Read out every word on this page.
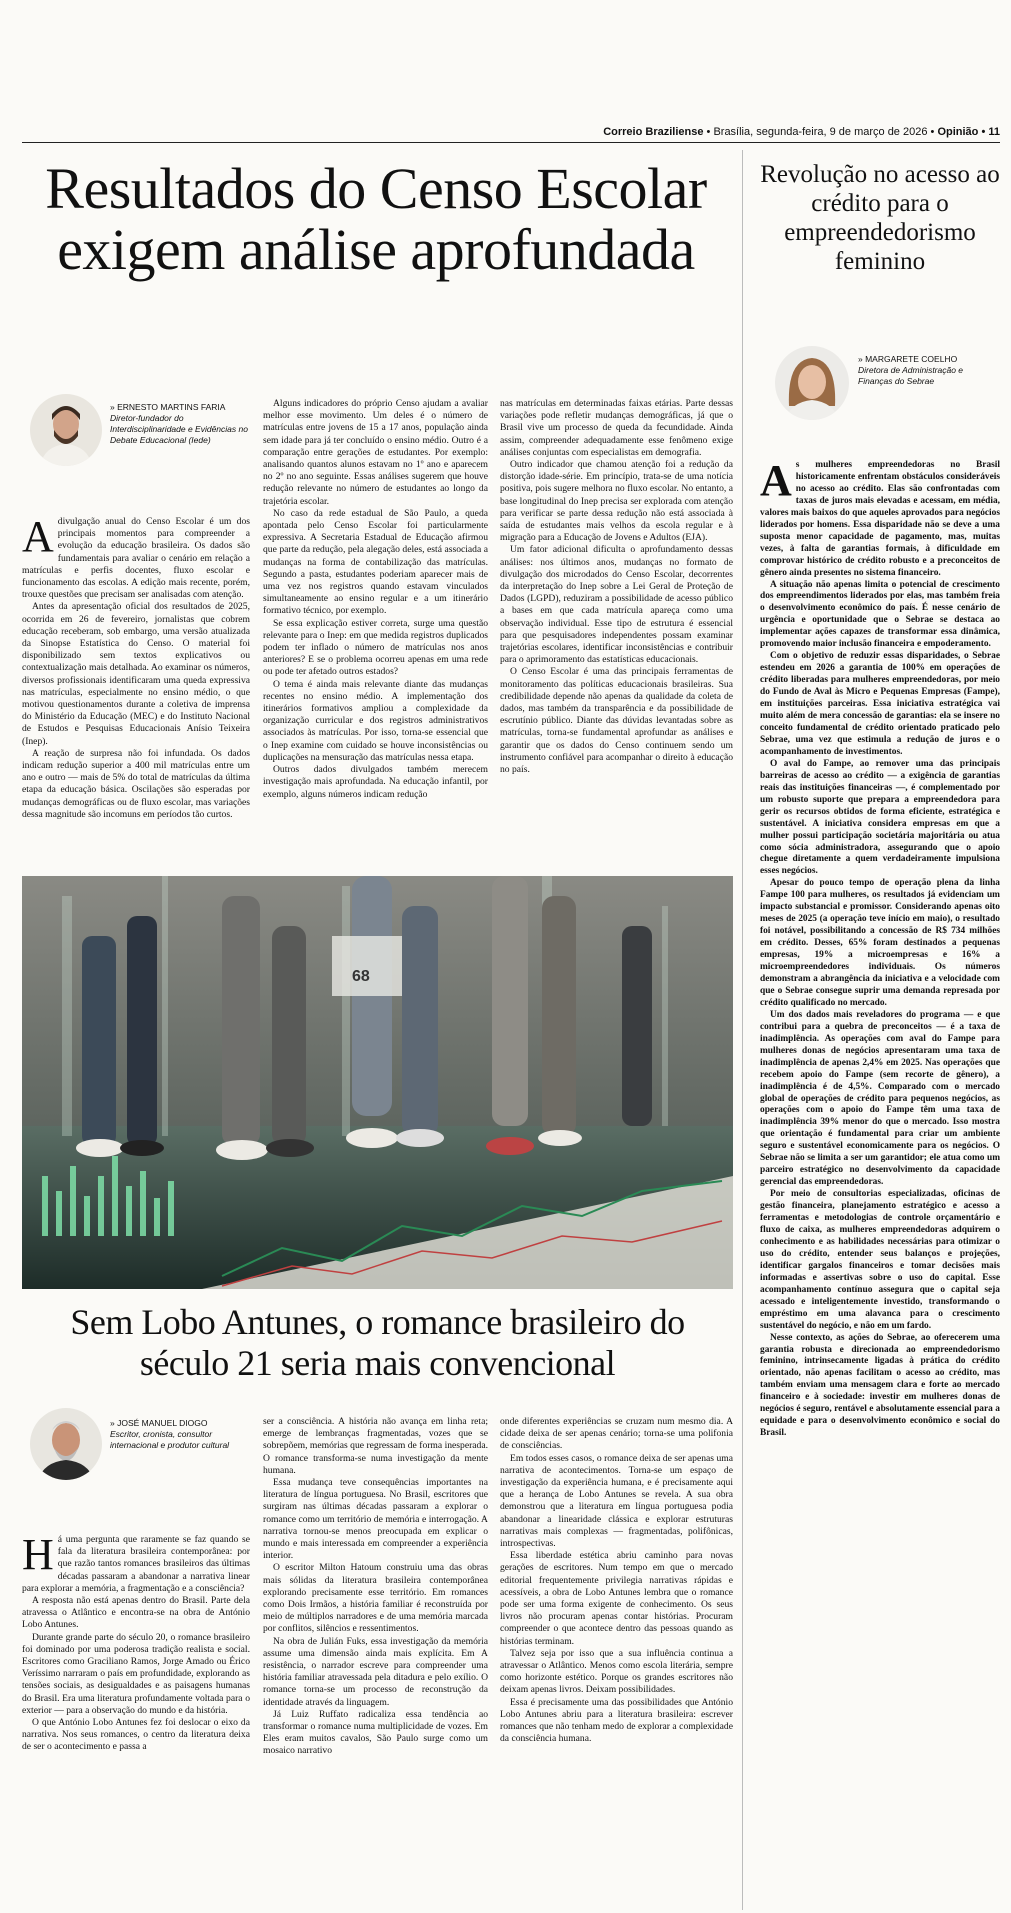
Correio Braziliense • Brasília, segunda-feira, 9 de março de 2026 • Opinião • 11
Resultados do Censo Escolar exigem análise aprofundada
» ERNESTO MARTINS FARIA
Diretor-fundador do Interdisciplinaridade e Evidências no Debate Educacional (Iede)

A divulgação anual do Censo Escolar é um dos principais momentos para compreender a evolução da educação brasileira. Os dados são fundamentais para avaliar o cenário em relação a matrículas e perfis docentes, fluxo escolar e funcionamento das escolas. A edição mais recente, porém, trouxe questões que precisam ser analisadas com atenção.

Antes da apresentação oficial dos resultados de 2025, ocorrida em 26 de fevereiro, jornalistas que cobrem educação receberam, sob embargo, uma versão atualizada da Sinopse Estatística do Censo. O material foi disponibilizado sem textos explicativos ou contextualização mais detalhada. Ao examinar os números, diversos profissionais identificaram uma queda expressiva nas matrículas, especialmente no ensino médio, o que motivou questionamentos durante a coletiva de imprensa do Ministério da Educação (MEC) e do Instituto Nacional de Estudos e Pesquisas Educacionais Anísio Teixeira (Inep).

A reação de surpresa não foi infundada. Os dados indicam redução superior a 400 mil matrículas entre um ano e outro — mais de 5% do total de matrículas da última etapa da educação básica. Oscilações são esperadas por mudanças demográficas ou de fluxo escolar, mas variações dessa magnitude são incomuns em períodos tão curtos.

Alguns indicadores do próprio Censo ajudam a avaliar melhor esse movimento. Um deles é o número de matrículas entre jovens de 15 a 17 anos, população ainda sem idade para já ter concluído o ensino médio. Outro é a comparação entre gerações de estudantes. Por exemplo: analisando quantos alunos estavam no 1º ano e aparecem no 2º no ano seguinte. Essas análises sugerem que houve redução relevante no número de estudantes ao longo da trajetória escolar.

No caso da rede estadual de São Paulo, a queda apontada pelo Censo Escolar foi particularmente expressiva. A Secretaria Estadual de Educação afirmou que parte da redução, pela alegação deles, está associada a mudanças na forma de contabilização das matrículas. Segundo a pasta, estudantes poderiam aparecer mais de uma vez nos registros quando estavam vinculados simultaneamente ao ensino regular e a um itinerário formativo técnico, por exemplo.

Se essa explicação estiver correta, surge uma questão relevante para o Inep: em que medida registros duplicados podem ter inflado o número de matrículas nos anos anteriores? E se o problema ocorreu apenas em uma rede ou pode ter afetado outros estados?

O tema é ainda mais relevante diante das mudanças recentes no ensino médio. A implementação dos itinerários formativos ampliou a complexidade da organização curricular e dos registros administrativos associados às matrículas. Por isso, torna-se essencial que o Inep examine com cuidado se houve inconsistências ou duplicações na mensuração das matrículas nessa etapa.

Outros dados divulgados também merecem investigação mais aprofundada. Na educação infantil, por exemplo, alguns números indicam redução

nas matrículas em determinadas faixas etárias. Parte dessas variações pode refletir mudanças demográficas, já que o Brasil vive um processo de queda da fecundidade. Ainda assim, compreender adequadamente esse fenômeno exige análises conjuntas com especialistas em demografia.

Outro indicador que chamou atenção foi a redução da distorção idade-série. Em princípio, trata-se de uma notícia positiva, pois sugere melhora no fluxo escolar. No entanto, a base longitudinal do Inep precisa ser explorada com atenção para verificar se parte dessa redução não está associada à saída de estudantes mais velhos da escola regular e à migração para a Educação de Jovens e Adultos (EJA).

Um fator adicional dificulta o aprofundamento dessas análises: nos últimos anos, mudanças no formato de divulgação dos microdados do Censo Escolar, decorrentes da interpretação do Inep sobre a Lei Geral de Proteção de Dados (LGPD), reduziram a possibilidade de acesso público a bases em que cada matrícula apareça como uma observação individual. Esse tipo de estrutura é essencial para que pesquisadores independentes possam examinar trajetórias escolares, identificar inconsistências e contribuir para o aprimoramento das estatísticas educacionais.

O Censo Escolar é uma das principais ferramentas de monitoramento das políticas educacionais brasileiras. Sua credibilidade depende não apenas da qualidade da coleta de dados, mas também da transparência e da possibilidade de escrutínio público. Diante das dúvidas levantadas sobre as matrículas, torna-se fundamental aprofundar as análises e garantir que os dados do Censo continuem sendo um instrumento confiável para acompanhar o direito à educação no país.

68
Sem Lobo Antunes, o romance brasileiro do século 21 seria mais convencional
» JOSÉ MANUEL DIOGO
Escritor, cronista, consultor internacional e produtor cultural

Há uma pergunta que raramente se faz quando se fala da literatura brasileira contemporânea: por que razão tantos romances brasileiros das últimas décadas passaram a abandonar a narrativa linear para explorar a memória, a fragmentação e a consciência?

A resposta não está apenas dentro do Brasil. Parte dela atravessa o Atlântico e encontra-se na obra de António Lobo Antunes.

Durante grande parte do século 20, o romance brasileiro foi dominado por uma poderosa tradição realista e social. Escritores como Graciliano Ramos, Jorge Amado ou Érico Veríssimo narraram o país em profundidade, explorando as tensões sociais, as desigualdades e as paisagens humanas do Brasil. Era uma literatura profundamente voltada para o exterior — para a observação do mundo e da história.

O que António Lobo Antunes fez foi deslocar o eixo da narrativa. Nos seus romances, o centro da literatura deixa de ser o acontecimento e passa a

ser a consciência. A história não avança em linha reta; emerge de lembranças fragmentadas, vozes que se sobrepõem, memórias que regressam de forma inesperada. O romance transforma-se numa investigação da mente humana.

Essa mudança teve consequências importantes na literatura de língua portuguesa. No Brasil, escritores que surgiram nas últimas décadas passaram a explorar o romance como um território de memória e interrogação. A narrativa tornou-se menos preocupada em explicar o mundo e mais interessada em compreender a experiência interior.

O escritor Milton Hatoum construiu uma das obras mais sólidas da literatura brasileira contemporânea explorando precisamente esse território. Em romances como Dois Irmãos, a história familiar é reconstruída por meio de múltiplos narradores e de uma memória marcada por conflitos, silêncios e ressentimentos.

Na obra de Julián Fuks, essa investigação da memória assume uma dimensão ainda mais explícita. Em A resistência, o narrador escreve para compreender uma história familiar atravessada pela ditadura e pelo exílio. O romance torna-se um processo de reconstrução da identidade através da linguagem.

Já Luiz Ruffato radicaliza essa tendência ao transformar o romance numa multiplicidade de vozes. Em Eles eram muitos cavalos, São Paulo surge como um mosaico narrativo

onde diferentes experiências se cruzam num mesmo dia. A cidade deixa de ser apenas cenário; torna-se uma polifonia de consciências.

Em todos esses casos, o romance deixa de ser apenas uma narrativa de acontecimentos. Torna-se um espaço de investigação da experiência humana, e é precisamente aqui que a herança de Lobo Antunes se revela. A sua obra demonstrou que a literatura em língua portuguesa podia abandonar a linearidade clássica e explorar estruturas narrativas mais complexas — fragmentadas, polifônicas, introspectivas.

Essa liberdade estética abriu caminho para novas gerações de escritores. Num tempo em que o mercado editorial frequentemente privilegia narrativas rápidas e acessíveis, a obra de Lobo Antunes lembra que o romance pode ser uma forma exigente de conhecimento. Os seus livros não procuram apenas contar histórias. Procuram compreender o que acontece dentro das pessoas quando as histórias terminam.

Talvez seja por isso que a sua influência continua a atravessar o Atlântico. Menos como escola literária, sempre como horizonte estético. Porque os grandes escritores não deixam apenas livros. Deixam possibilidades.

Essa é precisamente uma das possibilidades que António Lobo Antunes abriu para a literatura brasileira: escrever romances que não tenham medo de explorar a complexidade da consciência humana.

Revolução no acesso ao crédito para o empreendedorismo feminino
» MARGARETE COELHO
Diretora de Administração e Finanças do Sebrae

As mulheres empreendedoras no Brasil historicamente enfrentam obstáculos consideráveis no acesso ao crédito. Elas são confrontadas com taxas de juros mais elevadas e acessam, em média, valores mais baixos do que aqueles aprovados para negócios liderados por homens. Essa disparidade não se deve a uma suposta menor capacidade de pagamento, mas, muitas vezes, à falta de garantias formais, à dificuldade em comprovar histórico de crédito robusto e a preconceitos de gênero ainda presentes no sistema financeiro.

A situação não apenas limita o potencial de crescimento dos empreendimentos liderados por elas, mas também freia o desenvolvimento econômico do país. É nesse cenário de urgência e oportunidade que o Sebrae se destaca ao implementar ações capazes de transformar essa dinâmica, promovendo maior inclusão financeira e empoderamento.

Com o objetivo de reduzir essas disparidades, o Sebrae estendeu em 2026 a garantia de 100% em operações de crédito liberadas para mulheres empreendedoras, por meio do Fundo de Aval às Micro e Pequenas Empresas (Fampe), em instituições parceiras. Essa iniciativa estratégica vai muito além de mera concessão de garantias: ela se insere no conceito fundamental de crédito orientado praticado pelo Sebrae, uma vez que estimula a redução de juros e o acompanhamento de investimentos.

O aval do Fampe, ao remover uma das principais barreiras de acesso ao crédito — a exigência de garantias reais das instituições financeiras —, é complementado por um robusto suporte que prepara a empreendedora para gerir os recursos obtidos de forma eficiente, estratégica e sustentável. A iniciativa considera empresas em que a mulher possui participação societária majoritária ou atua como sócia administradora, assegurando que o apoio chegue diretamente a quem verdadeiramente impulsiona esses negócios.

Apesar do pouco tempo de operação plena da linha Fampe 100 para mulheres, os resultados já evidenciam um impacto substancial e promissor. Considerando apenas oito meses de 2025 (a operação teve início em maio), o resultado foi notável, possibilitando a concessão de R$ 734 milhões em crédito. Desses, 65% foram destinados a pequenas empresas, 19% a microempresas e 16% a microempreendedores individuais. Os números demonstram a abrangência da iniciativa e a velocidade com que o Sebrae consegue suprir uma demanda represada por crédito qualificado no mercado.

Um dos dados mais reveladores do programa — e que contribui para a quebra de preconceitos — é a taxa de inadimplência. As operações com aval do Fampe para mulheres donas de negócios apresentaram uma taxa de inadimplência de apenas 2,4% em 2025. Nas operações que recebem apoio do Fampe (sem recorte de gênero), a inadimplência é de 4,5%. Comparado com o mercado global de operações de crédito para pequenos negócios, as operações com o apoio do Fampe têm uma taxa de inadimplência 39% menor do que o mercado. Isso mostra que orientação é fundamental para criar um ambiente seguro e sustentável economicamente para os negócios. O Sebrae não se limita a ser um garantidor; ele atua como um parceiro estratégico no desenvolvimento da capacidade gerencial das empreendedoras.

Por meio de consultorias especializadas, oficinas de gestão financeira, planejamento estratégico e acesso a ferramentas e metodologias de controle orçamentário e fluxo de caixa, as mulheres empreendedoras adquirem o conhecimento e as habilidades necessárias para otimizar o uso do crédito, entender seus balanços e projeções, identificar gargalos financeiros e tomar decisões mais informadas e assertivas sobre o uso do capital. Esse acompanhamento contínuo assegura que o capital seja acessado e inteligentemente investido, transformando o empréstimo em uma alavanca para o crescimento sustentável do negócio, e não em um fardo.

Nesse contexto, as ações do Sebrae, ao oferecerem uma garantia robusta e direcionada ao empreendedorismo feminino, intrinsecamente ligadas à prática do crédito orientado, não apenas facilitam o acesso ao crédito, mas também enviam uma mensagem clara e forte ao mercado financeiro e à sociedade: investir em mulheres donas de negócios é seguro, rentável e absolutamente essencial para a equidade e para o desenvolvimento econômico e social do Brasil.
